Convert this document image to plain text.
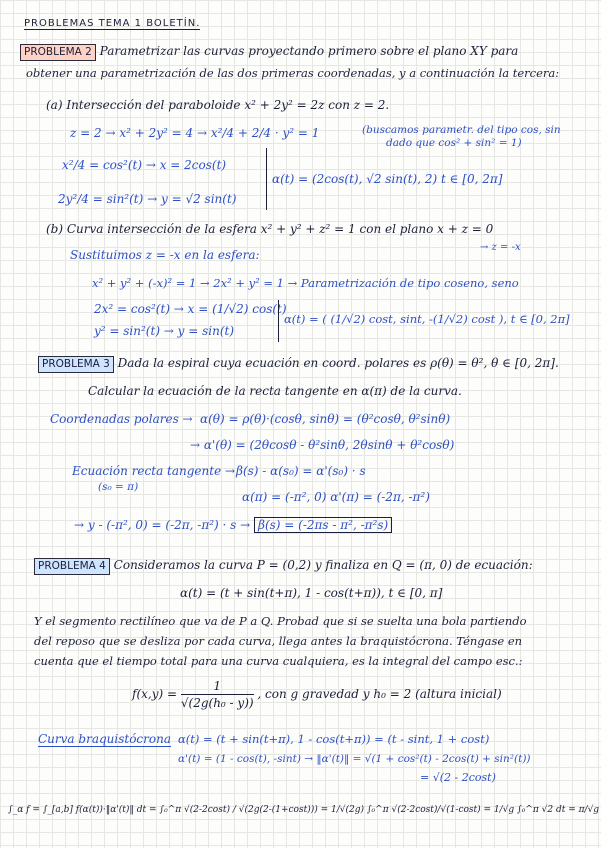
PROBLEMAS TEMA 1 BOLETÍN.
PROBLEMA 2 Parametrizar las curvas proyectando primero sobre el plano XY para
obtener una parametrización de las dos primeras coordenadas, y a continuación la tercera:
(a) Intersección del paraboloide x² + 2y² = 2z con z = 2.
z = 2 → x² + 2y² = 4 → x²/4 + 2/4 · y² = 1	(buscamos parametr. del tipo cos, sin
dado que cos² + sin² = 1)
x²/4 = cos²(t) → x = 2cos(t)
2y²/4 = sin²(t) → y = √2 sin(t)
α(t) = (2cos(t), √2 sin(t), 2) t ∈ [0, 2π]
(b) Curva intersección de la esfera x² + y² + z² = 1 con el plano x + z = 0
→ z = -x
Sustituimos z = -x en la esfera:
x² + y² + (-x)² = 1 → 2x² + y² = 1 → Parametrización de tipo coseno, seno
2x² = cos²(t) → x = (1/√2) cos(t)
y² = sin²(t) → y = sin(t)
α(t) = ( (1/√2) cost, sint, -(1/√2) cost ), t ∈ [0, 2π]
PROBLEMA 3 Dada la espiral cuya ecuación en coord. polares es ρ(θ) = θ², θ ∈ [0, 2π].
Calcular la ecuación de la recta tangente en α(π) de la curva.
Coordenadas polares → α(θ) = ρ(θ)·(cosθ, sinθ) = (θ²cosθ, θ²sinθ)
→ α'(θ) = (2θcosθ - θ²sinθ, 2θsinθ + θ²cosθ)
Ecuación recta tangente → β(s) - α(s₀) = α'(s₀) · s
(s₀ = π)
α(π) = (-π², 0) α'(π) = (-2π, -π²)
→ y - (-π², 0) = (-2π, -π²) · s → β(s) = (-2πs - π², -π²s)
PROBLEMA 4 Consideramos la curva P = (0,2) y finaliza en Q = (π, 0) de ecuación:
α(t) = (t + sin(t+π), 1 - cos(t+π)), t ∈ [0, π]
Y el segmento rectilíneo que va de P a Q. Probad que si se suelta una bola partiendo
del reposo que se desliza por cada curva, llega antes la braquistócrona. Téngase en
cuenta que el tiempo total para una curva cualquiera, es la integral del campo esc.:
$f(x,y) = \frac{1}{\text{√(2g(h₀ - y))}}$ , con g gravedad y h₀ = 2 (altura inicial)
Curva braquistócrona α(t) = (t + sin(t+π), 1 - cos(t+π)) = (t - sint, 1 + cost)
α'(t) = (1 - cos(t), -sint) → ‖α'(t)‖ = √(1 + cos²(t) - 2cos(t) + sin²(t))
= √(2 - 2cost)
∫_α f = ∫_[a,b] f(α(t))·‖α'(t)‖ dt = ∫₀^π √(2-2cost) / √(2g(2-(1+cost))) = 1/√(2g) ∫₀^π √(2-2cost)/√(1-cost) = 1/√g ∫₀^π √2 dt = π/√g
